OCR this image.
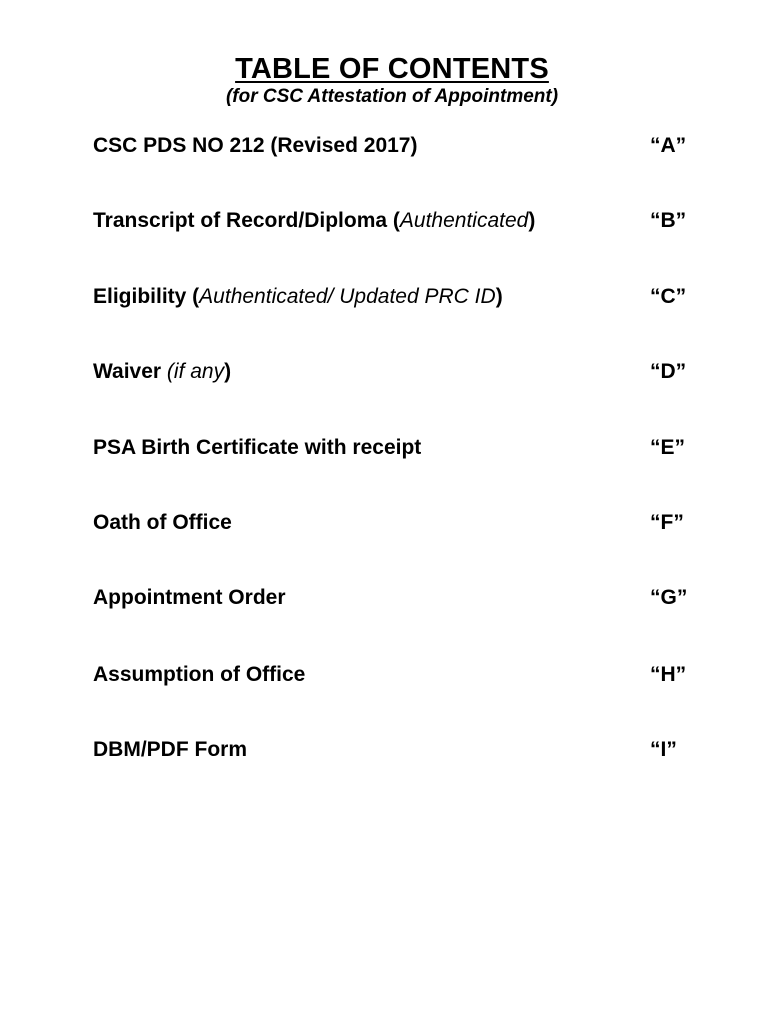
TABLE OF CONTENTS
(for CSC Attestation of Appointment)
CSC PDS NO 212 (Revised 2017)	“A”
Transcript of Record/Diploma (Authenticated)	“B”
Eligibility (Authenticated/ Updated PRC ID)	“C”
Waiver (if any)	“D”
PSA Birth Certificate with receipt	“E”
Oath of Office	“F”
Appointment Order	“G”
Assumption of Office	“H”
DBM/PDF Form	“I”
